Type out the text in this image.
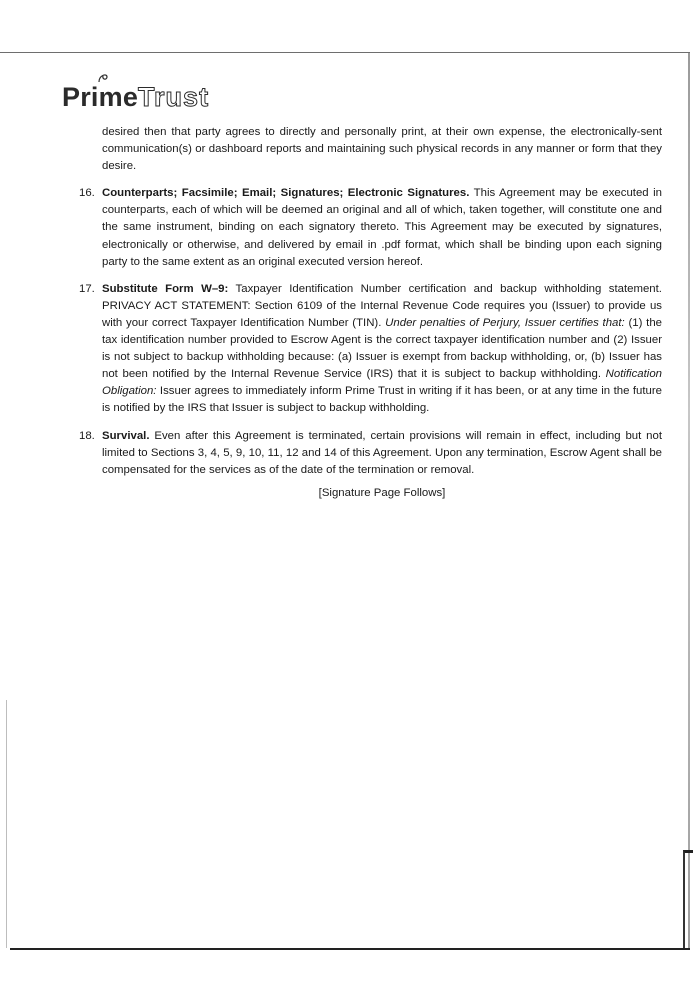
PrimeTrust

desired then that party agrees to directly and personally print, at their own expense, the electronically-sent communication(s) or dashboard reports and maintaining such physical records in any manner or form that they desire.

16. Counterparts; Facsimile; Email; Signatures; Electronic Signatures. This Agreement may be executed in counterparts, each of which will be deemed an original and all of which, taken together, will constitute one and the same instrument, binding on each signatory thereto. This Agreement may be executed by signatures, electronically or otherwise, and delivered by email in .pdf format, which shall be binding upon each signing party to the same extent as an original executed version hereof.

17. Substitute Form W–9: Taxpayer Identification Number certification and backup withholding statement. PRIVACY ACT STATEMENT: Section 6109 of the Internal Revenue Code requires you (Issuer) to provide us with your correct Taxpayer Identification Number (TIN). Under penalties of Perjury, Issuer certifies that: (1) the tax identification number provided to Escrow Agent is the correct taxpayer identification number and (2) Issuer is not subject to backup withholding because: (a) Issuer is exempt from backup withholding, or, (b) Issuer has not been notified by the Internal Revenue Service (IRS) that it is subject to backup withholding. Notification Obligation: Issuer agrees to immediately inform Prime Trust in writing if it has been, or at any time in the future is notified by the IRS that Issuer is subject to backup withholding.

18. Survival. Even after this Agreement is terminated, certain provisions will remain in effect, including but not limited to Sections 3, 4, 5, 9, 10, 11, 12 and 14 of this Agreement. Upon any termination, Escrow Agent shall be compensated for the services as of the date of the termination or removal.

[Signature Page Follows]
